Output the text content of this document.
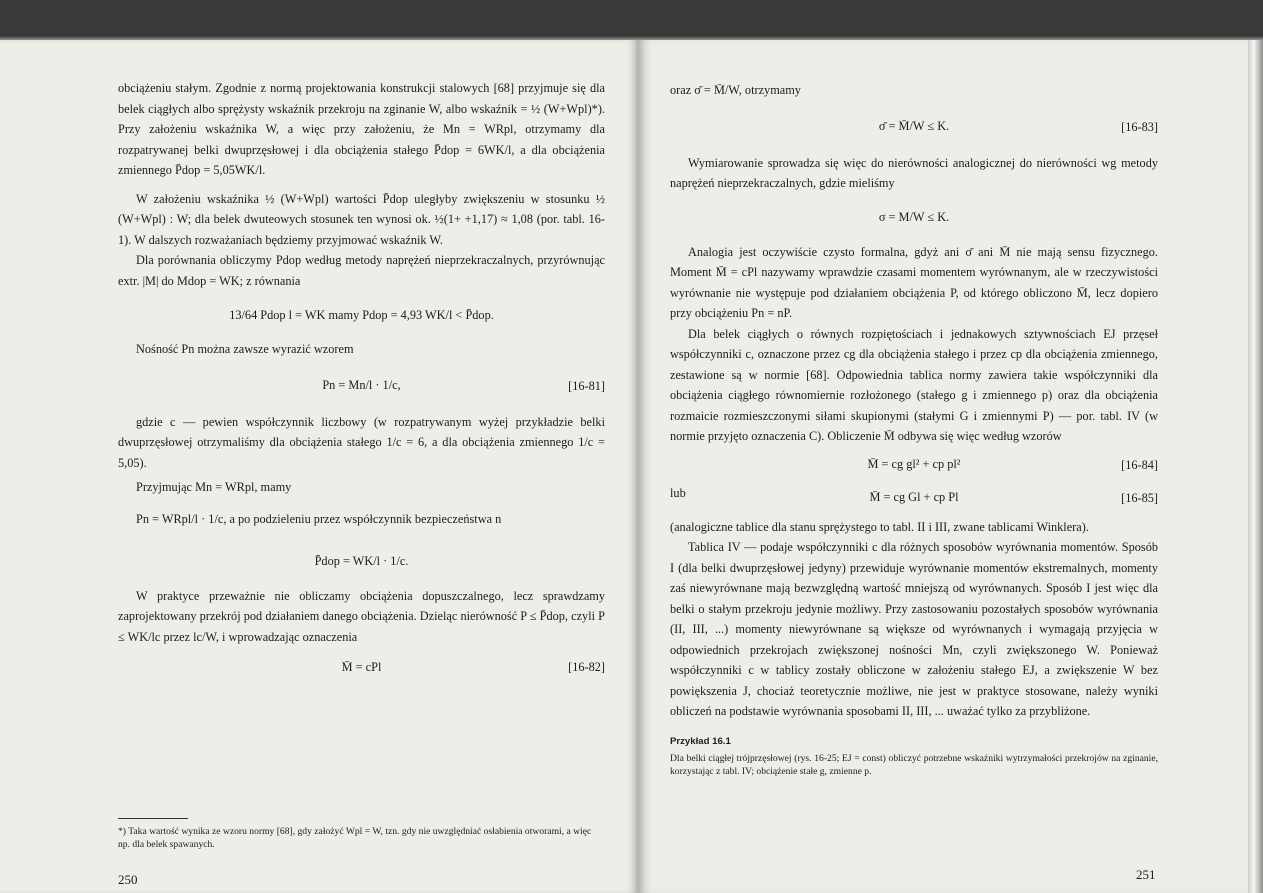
obciążeniu stałym. Zgodnie z normą projektowania konstrukcji stalowych [68] przyjmuje się dla belek ciągłych albo sprężysty wskaźnik przekroju na zginanie W, albo wskaźnik = ½ (W+Wpl)*). Przy założeniu wskaźnika W, a więc przy założeniu, że Mn = WRpl, otrzymamy dla rozpatrywanej belki dwuprzęsłowej i dla obciążenia stałego P̄dop = 6WK/l, a dla obciążenia zmiennego P̄dop = 5,05WK/l.

W założeniu wskaźnika ½ (W+Wpl) wartości P̄dop uległyby zwiększeniu w stosunku ½ (W+Wpl) : W; dla belek dwuteowych stosunek ten wynosi ok. ½(1+ +1,17) ≈ 1,08 (por. tabl. 16-1). W dalszych rozważaniach będziemy przyjmować wskaźnik W.

Dla porównania obliczymy Pdop według metody naprężeń nieprzekraczalnych, przyrównując extr. |M| do Mdop = WK; z równania

13/64 Pdop l = WK mamy Pdop = 4,93 WK/l < P̄dop.

Nośność Pn można zawsze wyrazić wzorem

Pn = Mn/l · 1/c,	[16-81]

gdzie c — pewien współczynnik liczbowy (w rozpatrywanym wyżej przykładzie belki dwuprzęsłowej otrzymaliśmy dla obciążenia stałego 1/c = 6, a dla obciążenia zmiennego 1/c = 5,05).

Przyjmując Mn = WRpl, mamy

Pn = WRpl/l · 1/c, a po podzieleniu przez współczynnik bezpieczeństwa n
P̄dop = WK/l · 1/c.

W praktyce przeważnie nie obliczamy obciążenia dopuszczalnego, lecz sprawdzamy zaprojektowany przekrój pod działaniem danego obciążenia. Dzieląc nierówność P ≤ P̄dop, czyli P ≤ WK/lc przez lc/W, i wprowadzając oznaczenia

M̄ = cPl	[16-82]
*) Taka wartość wynika ze wzoru normy [68], gdy założyć Wpl = W, tzn. gdy nie uwzględniać osłabienia otworami, a więc np. dla belek spawanych.
250

oraz σ̄ = M̄/W, otrzymamy

σ̄ = M̄/W ≤ K.	[16-83]

Wymiarowanie sprowadza się więc do nierówności analogicznej do nierówności wg metody naprężeń nieprzekraczalnych, gdzie mieliśmy

σ = M/W ≤ K.

Analogia jest oczywiście czysto formalna, gdyż ani σ̄ ani M̄ nie mają sensu fizycznego. Moment M̄ = cPl nazywamy wprawdzie czasami momentem wyrównanym, ale w rzeczywistości wyrównanie nie występuje pod działaniem obciążenia P, od którego obliczono M̄, lecz dopiero przy obciążeniu Pn = nP.

Dla belek ciągłych o równych rozpiętościach i jednakowych sztywnościach EJ przęseł współczynniki c, oznaczone przez cg dla obciążenia stałego i przez cp dla obciążenia zmiennego, zestawione są w normie [68]. Odpowiednia tablica normy zawiera takie współczynniki dla obciążenia ciągłego równomiernie rozłożonego (stałego g i zmiennego p) oraz dla obciążenia rozmaicie rozmieszczonymi siłami skupionymi (stałymi G i zmiennymi P) — por. tabl. IV (w normie przyjęto oznaczenia C). Obliczenie M̄ odbywa się więc według wzorów

M̄ = cg gl² + cp pl²	[16-84]
lub	M̄ = cg Gl + cp Pl	[16-85]

(analogiczne tablice dla stanu sprężystego to tabl. II i III, zwane tablicami Winklera).

Tablica IV — podaje współczynniki c dla różnych sposobów wyrównania momentów. Sposób I (dla belki dwuprzęsłowej jedyny) przewiduje wyrównanie momentów ekstremalnych, momenty zaś niewyrównane mają bezwzględną wartość mniejszą od wyrównanych. Sposób I jest więc dla belki o stałym przekroju jedynie możliwy. Przy zastosowaniu pozostałych sposobów wyrównania (II, III, ...) momenty niewyrównane są większe od wyrównanych i wymagają przyjęcia w odpowiednich przekrojach zwiększonej nośności Mn, czyli zwiększonego W. Ponieważ współczynniki c w tablicy zostały obliczone w założeniu stałego EJ, a zwiększenie W bez powiększenia J, chociaż teoretycznie możliwe, nie jest w praktyce stosowane, należy wyniki obliczeń na podstawie wyrównania sposobami II, III, ... uważać tylko za przybliżone.

Przykład 16.1
Dla belki ciągłej trójprzęsłowej (rys. 16-25; EJ = const) obliczyć potrzebne wskaźniki wytrzymałości przekrojów na zginanie, korzystając z tabl. IV; obciążenie stałe g, zmienne p.
251
